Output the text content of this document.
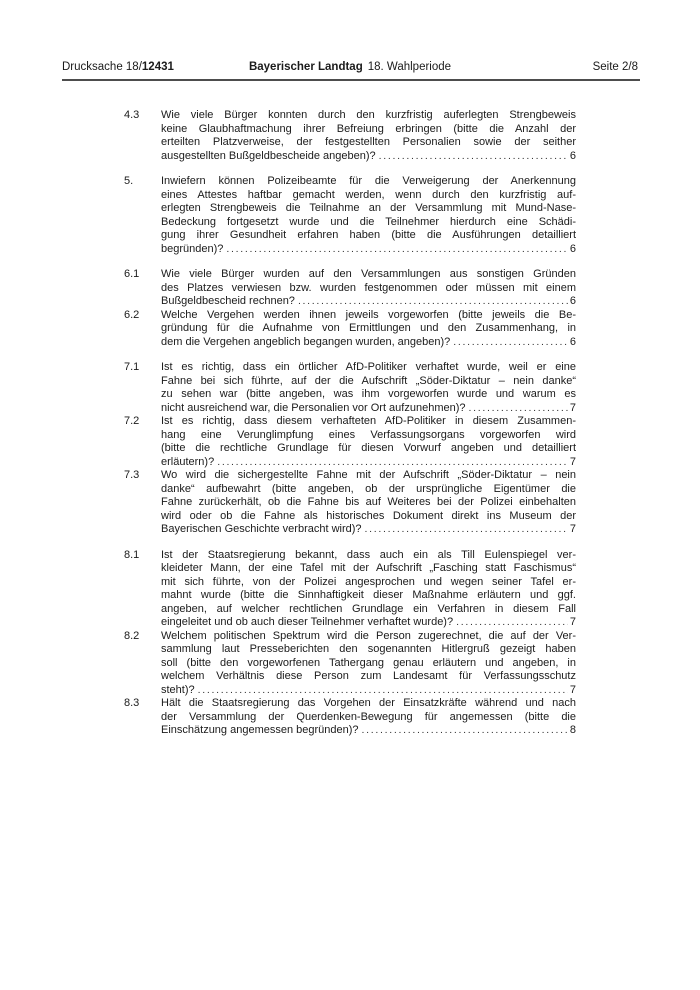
Drucksache 18/12431	Bayerischer Landtag 18. Wahlperiode	Seite 2/8
4.3	Wie viele Bürger konnten durch den kurzfristig auferlegten Strengbeweis
keine Glaubhaftmachung ihrer Befreiung erbringen (bitte die Anzahl der
erteilten Platzverweise, der festgestellten Personalien sowie der seither
ausgestellten Bußgeldbescheide angeben)? .....	6
5.	Inwiefern können Polizeibeamte für die Verweigerung der Anerkennung
eines Attestes haftbar gemacht werden, wenn durch den kurzfristig auf-
erlegten Strengbeweis die Teilnahme an der Versammlung mit Mund-Nase-
Bedeckung fortgesetzt wurde und die Teilnehmer hierdurch eine Schädi-
gung ihrer Gesundheit erfahren haben (bitte die Ausführungen detailliert
begründen)? .....	6
6.1	Wie viele Bürger wurden auf den Versammlungen aus sonstigen Gründen
des Platzes verwiesen bzw. wurden festgenommen oder müssen mit einem
Bußgeldbescheid rechnen? .....	6
6.2	Welche Vergehen werden ihnen jeweils vorgeworfen (bitte jeweils die Be-
gründung für die Aufnahme von Ermittlungen und den Zusammenhang, in
dem die Vergehen angeblich begangen wurden, angeben)? .....	6
7.1	Ist es richtig, dass ein örtlicher AfD-Politiker verhaftet wurde, weil er eine
Fahne bei sich führte, auf der die Aufschrift „Söder-Diktatur – nein danke“
zu sehen war (bitte angeben, was ihm vorgeworfen wurde und warum es
nicht ausreichend war, die Personalien vor Ort aufzunehmen)? .....	7
7.2	Ist es richtig, dass diesem verhafteten AfD-Politiker in diesem Zusammen-
hang eine Verunglimpfung eines Verfassungsorgans vorgeworfen wird
(bitte die rechtliche Grundlage für diesen Vorwurf angeben und detailliert
erläutern)? .....	7
7.3	Wo wird die sichergestellte Fahne mit der Aufschrift „Söder-Diktatur – nein
danke“ aufbewahrt (bitte angeben, ob der ursprüngliche Eigentümer die
Fahne zurückerhält, ob die Fahne bis auf Weiteres bei der Polizei einbehalten
wird oder ob die Fahne als historisches Dokument direkt ins Museum der
Bayerischen Geschichte verbracht wird)? .....	7
8.1	Ist der Staatsregierung bekannt, dass auch ein als Till Eulenspiegel ver-
kleideter Mann, der eine Tafel mit der Aufschrift „Fasching statt Faschismus“
mit sich führte, von der Polizei angesprochen und wegen seiner Tafel er-
mahnt wurde (bitte die Sinnhaftigkeit dieser Maßnahme erläutern und ggf.
angeben, auf welcher rechtlichen Grundlage ein Verfahren in diesem Fall
eingeleitet und ob auch dieser Teilnehmer verhaftet wurde)? .....	7
8.2	Welchem politischen Spektrum wird die Person zugerechnet, die auf der Ver-
sammlung laut Presseberichten den sogenannten Hitlergruß gezeigt haben
soll (bitte den vorgeworfenen Tathergang genau erläutern und angeben, in
welchem Verhältnis diese Person zum Landesamt für Verfassungsschutz
steht)? .....	7
8.3	Hält die Staatsregierung das Vorgehen der Einsatzkräfte während und nach
der Versammlung der Querdenken-Bewegung für angemessen (bitte die
Einschätzung angemessen begründen)? .....	8
